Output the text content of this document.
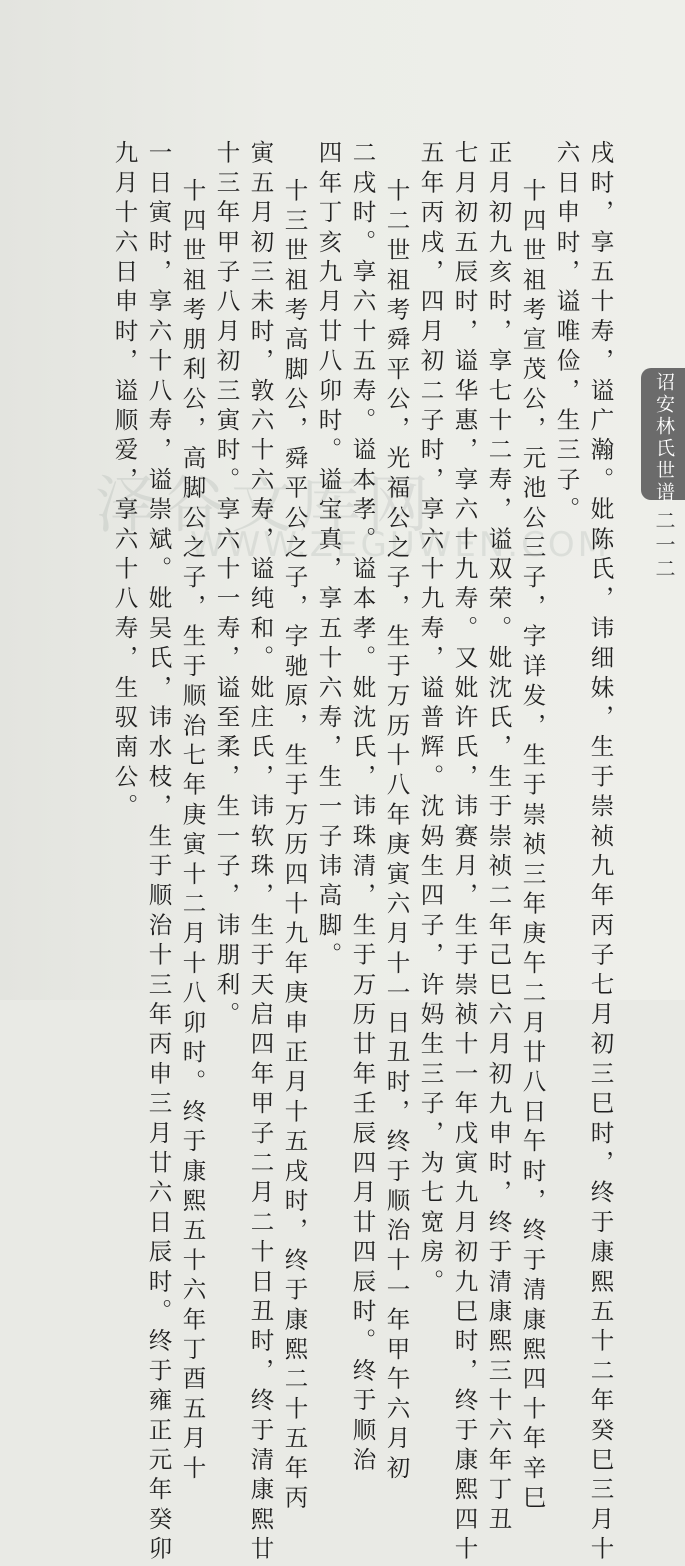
泽谷文库网
WWW.ZEGUWEN.COM
戌时，享五十寿，谥广瀚。妣陈氏，讳细妹，生于崇祯九年丙子七月初三巳时，终于康熙五十二年癸巳三月十
六日申时，谥唯俭，生三子。
十四世祖考宣茂公，元池公三子，字详发，生于崇祯三年庚午二月廿八日午时，终于清康熙四十年辛巳
正月初九亥时，享七十二寿，谥双荣。妣沈氏，生于崇祯二年己巳六月初九申时，终于清康熙三十六年丁丑
七月初五辰时，谥华惠，享六十九寿。又妣许氏，讳赛月，生于崇祯十一年戊寅九月初九巳时，终于康熙四十
五年丙戌，四月初二子时，享六十九寿，谥普辉。沈妈生四子，许妈生三子，为七宽房。
十二世祖考舜平公，光福公之子，生于万历十八年庚寅六月十一日丑时，终于顺治十一年甲午六月初
二戌时。享六十五寿。谥本孝。谥本孝。妣沈氏，讳珠清，生于万历廿年壬辰四月廿四辰时。终于顺治
四年丁亥九月廿八卯时。谥宝真，享五十六寿，生一子讳高脚。
十三世祖考高脚公，舜平公之子，字驰原，生于万历四十九年庚申正月十五戌时，终于康熙二十五年丙
寅五月初三未时，敦六十六寿，谥纯和。妣庄氏，讳软珠，生于天启四年甲子二月二十日丑时，终于清康熙廿
十三年甲子八月初三寅时。享六十一寿，谥至柔，生一子，讳朋利。
十四世祖考朋利公，高脚公之子，生于顺治七年庚寅十二月十八卯时。终于康熙五十六年丁酉五月十
一日寅时，享六十八寿，谥崇斌。妣吴氏，讳水枝，生于顺治十三年丙申三月廿六日辰时。终于雍正元年癸卯
九月十六日申时，谥顺爱，享六十八寿，生驭南公。	诏安林氏世谱
二一二
